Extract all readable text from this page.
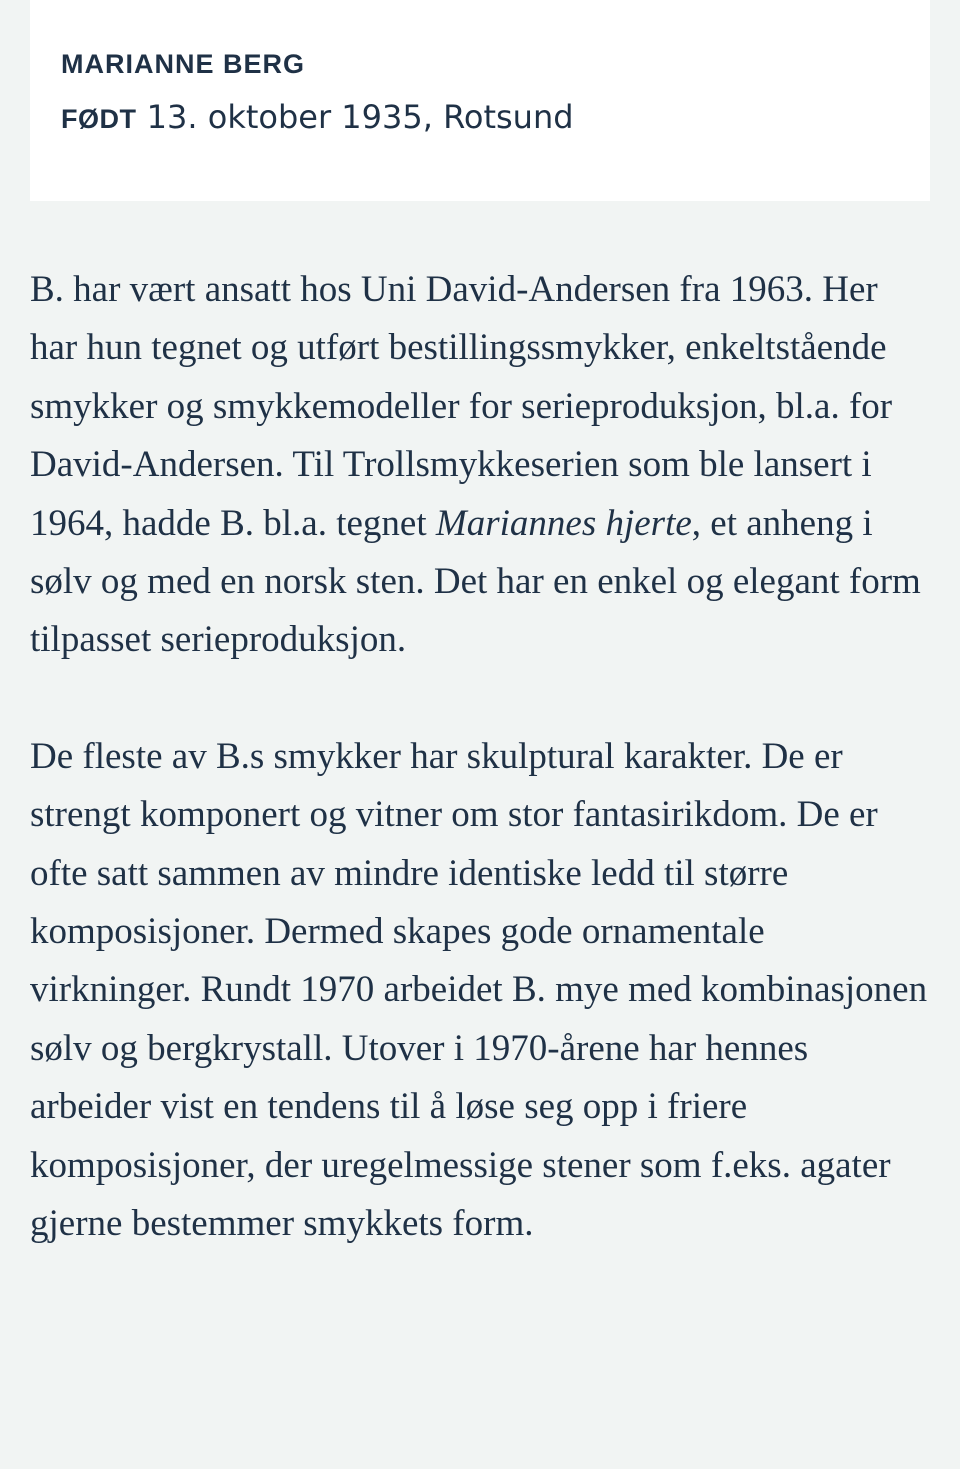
MARIANNE BERG
FØDT 13. oktober 1935, Rotsund

B. har vært ansatt hos Uni David-Andersen fra 1963. Her har hun tegnet og utført bestillingssmykker, enkeltstående smykker og smykkemodeller for serieproduksjon, bl.a. for David-Andersen. Til Trollsmykkeserien som ble lansert i 1964, hadde B. bl.a. tegnet Mariannes hjerte, et anheng i sølv og med en norsk sten. Det har en enkel og elegant form tilpasset serieproduksjon.

De fleste av B.s smykker har skulptural karakter. De er strengt komponert og vitner om stor fantasirikdom. De er ofte satt sammen av mindre identiske ledd til større komposisjoner. Dermed skapes gode ornamentale virkninger. Rundt 1970 arbeidet B. mye med kombinasjonen sølv og bergkrystall. Utover i 1970-årene har hennes arbeider vist en tendens til å løse seg opp i friere komposisjoner, der uregelmessige stener som f.eks. agater gjerne bestemmer smykkets form.
